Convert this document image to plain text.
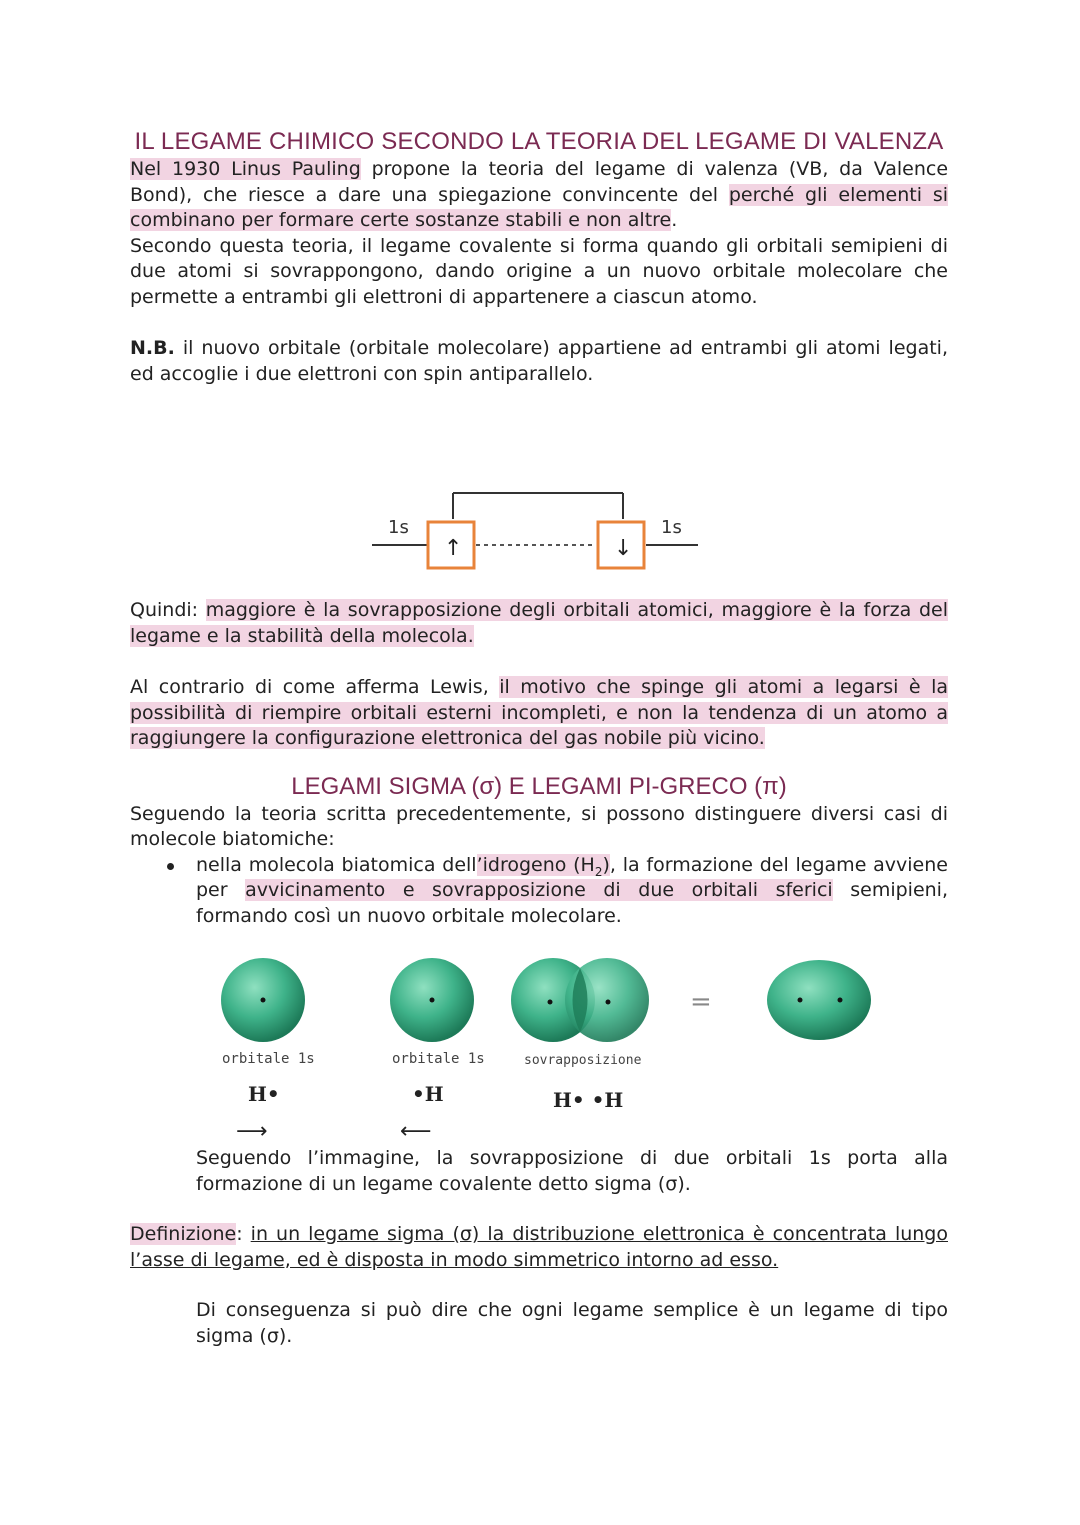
IL LEGAME CHIMICO SECONDO LA TEORIA DEL LEGAME DI VALENZA

Nel 1930 Linus Pauling propone la teoria del legame di valenza (VB, da Valence Bond), che riesce a dare una spiegazione convincente del perché gli elementi si combinano per formare certe sostanze stabili e non altre.

Secondo questa teoria, il legame covalente si forma quando gli orbitali semipieni di due atomi si sovrappongono, dando origine a un nuovo orbitale molecolare che permette a entrambi gli elettroni di appartenere a ciascun atomo.

N.B. il nuovo orbitale (orbitale molecolare) appartiene ad entrambi gli atomi legati, ed accoglie i due elettroni con spin antiparallelo.

1s	1s
↑	↓

Quindi: maggiore è la sovrapposizione degli orbitali atomici, maggiore è la forza del legame e la stabilità della molecola.

Al contrario di come afferma Lewis, il motivo che spinge gli atomi a legarsi è la possibilità di riempire orbitali esterni incompleti, e non la tendenza di un atomo a raggiungere la configurazione elettronica del gas nobile più vicino.

LEGAMI SIGMA (σ) E LEGAMI PI-GRECO (π)

Seguendo la teoria scritta precedentemente, si possono distinguere diversi casi di molecole biatomiche:

nella molecola biatomica dell’idrogeno $(H_2)$, la formazione del legame avviene per avvicinamento e sovrapposizione di due orbitali sferici semipieni, formando così un nuovo orbitale molecolare.
=
orbitale 1s	orbitale 1s	sovrapposizione
H•	•H	H• •H
⟶	⟵

Seguendo l’immagine, la sovrapposizione di due orbitali 1s porta alla formazione di un legame covalente detto sigma (σ).

Definizione: in un legame sigma (σ) la distribuzione elettronica è concentrata lungo l’asse di legame, ed è disposta in modo simmetrico intorno ad esso.

Di conseguenza si può dire che ogni legame semplice è un legame di tipo sigma (σ).
